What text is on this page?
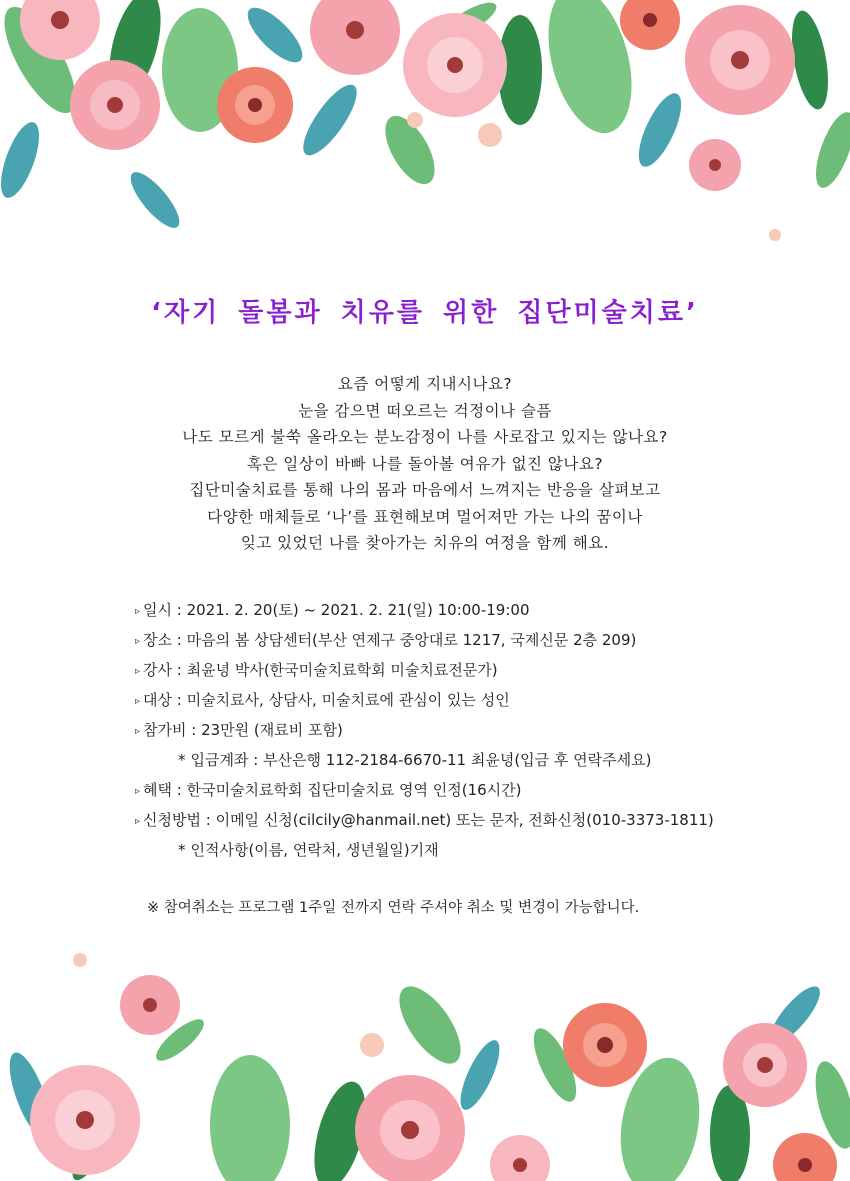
‘자기 돌봄과 치유를 위한 집단미술치료’
요즘 어떻게 지내시나요?
눈을 감으면 떠오르는 걱정이나 슬픔
나도 모르게 불쑥 올라오는 분노감정이 나를 사로잡고 있지는 않나요?
혹은 일상이 바빠 나를 돌아볼 여유가 없진 않나요?
집단미술치료를 통해 나의 몸과 마음에서 느껴지는 반응을 살펴보고
다양한 매체들로 ‘나’를 표현해보며 멀어져만 가는 나의 꿈이나
잊고 있었던 나를 찾아가는 치유의 여정을 함께 해요.
▹ 일시 : 2021. 2. 20(토) ~ 2021. 2. 21(일) 10:00-19:00
▹ 장소 : 마음의 봄 상담센터(부산 연제구 중앙대로 1217, 국제신문 2층 209)
▹ 강사 : 최윤녕 박사(한국미술치료학회 미술치료전문가)
▹ 대상 : 미술치료사, 상담사, 미술치료에 관심이 있는 성인
▹ 참가비 : 23만원 (재료비 포함)
* 입금계좌 : 부산은행 112-2184-6670-11 최윤녕(입금 후 연락주세요)
▹ 혜택 : 한국미술치료학회 집단미술치료 영역 인정(16시간)
▹ 신청방법 : 이메일 신청(cilcily@hanmail.net) 또는 문자, 전화신청(010-3373-1811)
* 인적사항(이름, 연락처, 생년월일)기재
※ 참여취소는 프로그램 1주일 전까지 연락 주셔야 취소 및 변경이 가능합니다.
